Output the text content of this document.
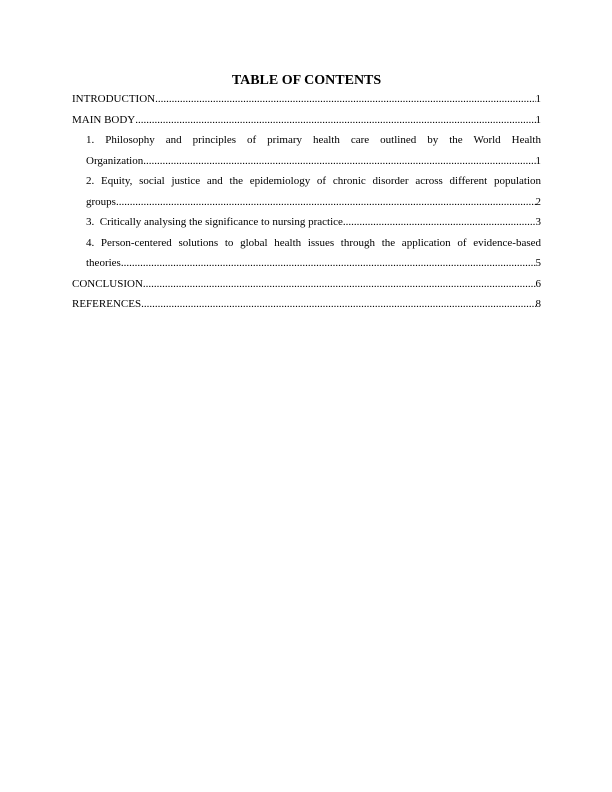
TABLE OF CONTENTS
INTRODUCTION .....	1
MAIN BODY .....	1
1. Philosophy and principles of primary health care outlined by the World Health
Organization .....	1
2. Equity, social justice and the epidemiology of chronic disorder across different population
groups .....	2
3.  Critically analysing the significance to nursing practice .....	3
4. Person-centered solutions to global health issues through the application of evidence-based
theories .....	5
CONCLUSION .....	6
REFERENCES .....	8
